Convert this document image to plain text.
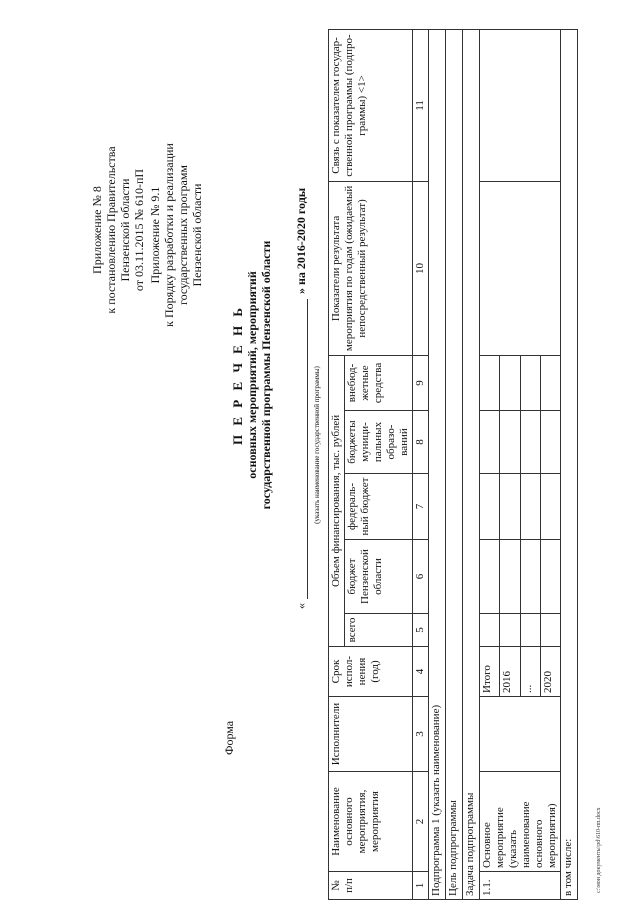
Приложение № 8 к постановлению Правительства Пензенской области от 03.11.2015 № 610-пП Приложение № 9.1 к Порядку разработки и реализации государственных программ Пензенской области
Форма
П Е Р Е Ч Е Н Ь основных мероприятий, мероприятий государственной программы Пензенской области
«
» на 2016-2020 годы
(указать наименование государственной программы)
№ п/п	Наименование основного мероприятия, мероприятия	Исполнители	Срок испол-нения (год)	Объем финансирования, тыс. рублей					Показатели результата мероприятия по годам (ожидаемый непосредственный результат)	Связь с показателем государ-ственной программы (подпро-граммы) <1>
				всего	бюджет Пензенской области	федераль-ный бюджет	бюджеты муници-пальных образо-ваний	внебюд-жетные средства		
1	2	3	4	5	6	7	8	9	10	11
Подпрограмма 1 (указать наименование)										
Цель подпрограммы										
Задача подпрограммы										
1.1.	Основное мероприятие (указать наименование основного мероприятия)		Итого							
			2016							
			...							
			2020							
в том числе:											c:\мои документы\pd\610-пп.docx
